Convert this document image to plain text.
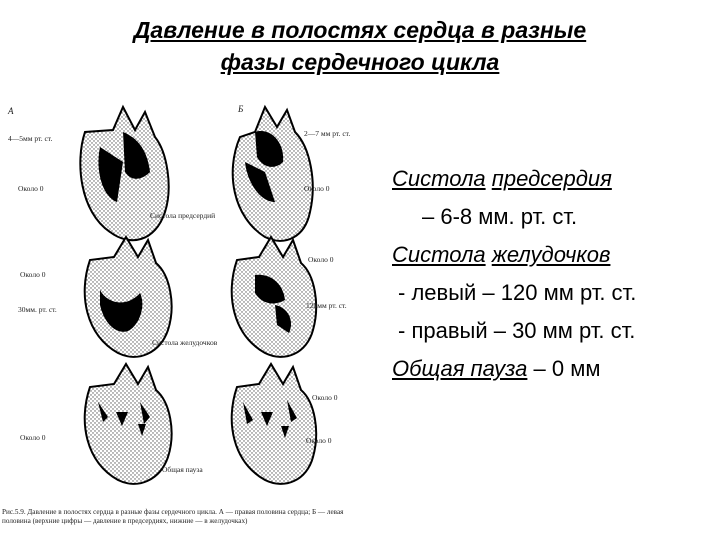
Давление в полостях сердца в разные
фазы сердечного цикла
А	Б
4—5мм рт. ст.
2—7 мм рт. ст.
Около 0	Около 0
Систола предсердий
Около 0
Около 0
30мм. рт. ст.	120мм рт. ст.
Систола желудочков
Около 0
Около 0	Около 0
Общая пауза
Рис.5.9. Давление в полостях сердца в разные фазы сердечного цикла. А — правая половина сердца; Б — левая половина (верхние цифры — давление в предсердиях, нижние — в желудочках)
Систола предсердия
– 6-8 мм. рт. ст.
Систола желудочков
- левый – 120 мм рт. ст.
- правый – 30 мм рт. ст.
Общая пауза – 0 мм
